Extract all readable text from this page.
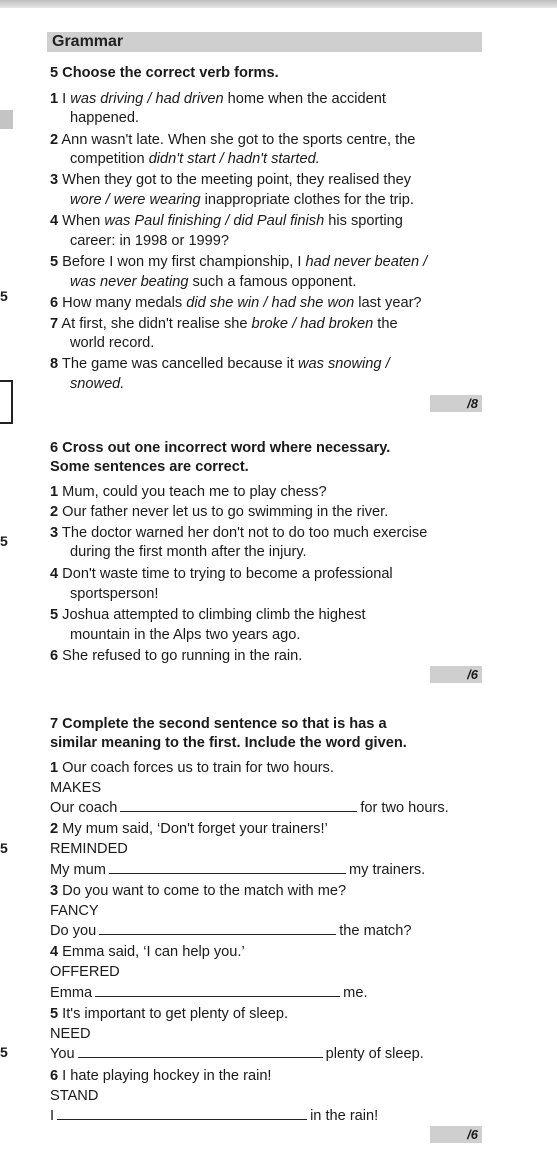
Grammar
5 Choose the correct verb forms.
1 I was driving / had driven home when the accident
happened.
2 Ann wasn't late. When she got to the sports centre, the
competition didn't start / hadn't started.
3 When they got to the meeting point, they realised they
wore / were wearing inappropriate clothes for the trip.
4 When was Paul finishing / did Paul finish his sporting
career: in 1998 or 1999?
5 Before I won my first championship, I had never beaten /
was never beating such a famous opponent.
6 How many medals did she win / had she won last year?
7 At first, she didn't realise she broke / had broken the
world record.
8 The game was cancelled because it was snowing /
snowed.
/8
6 Cross out one incorrect word where necessary.
Some sentences are correct.
1 Mum, could you teach me to play chess?
2 Our father never let us to go swimming in the river.
3 The doctor warned her don't not to do too much exercise
during the first month after the injury.
4 Don't waste time to trying to become a professional
sportsperson!
5 Joshua attempted to climbing climb the highest
mountain in the Alps two years ago.
6 She refused to go running in the rain.
/6
7 Complete the second sentence so that is has a
similar meaning to the first. Include the word given.
1 Our coach forces us to train for two hours.
MAKES
Our coach	for two hours.
2 My mum said, ‘Don't forget your trainers!’
REMINDED
My mum	my trainers.
3 Do you want to come to the match with me?
FANCY
Do you	the match?
4 Emma said, ‘I can help you.’
OFFERED
Emma	me.
5 It's important to get plenty of sleep.
NEED
You	plenty of sleep.
6 I hate playing hockey in the rain!
STAND
I	in the rain!
/6
5
5
5
5
